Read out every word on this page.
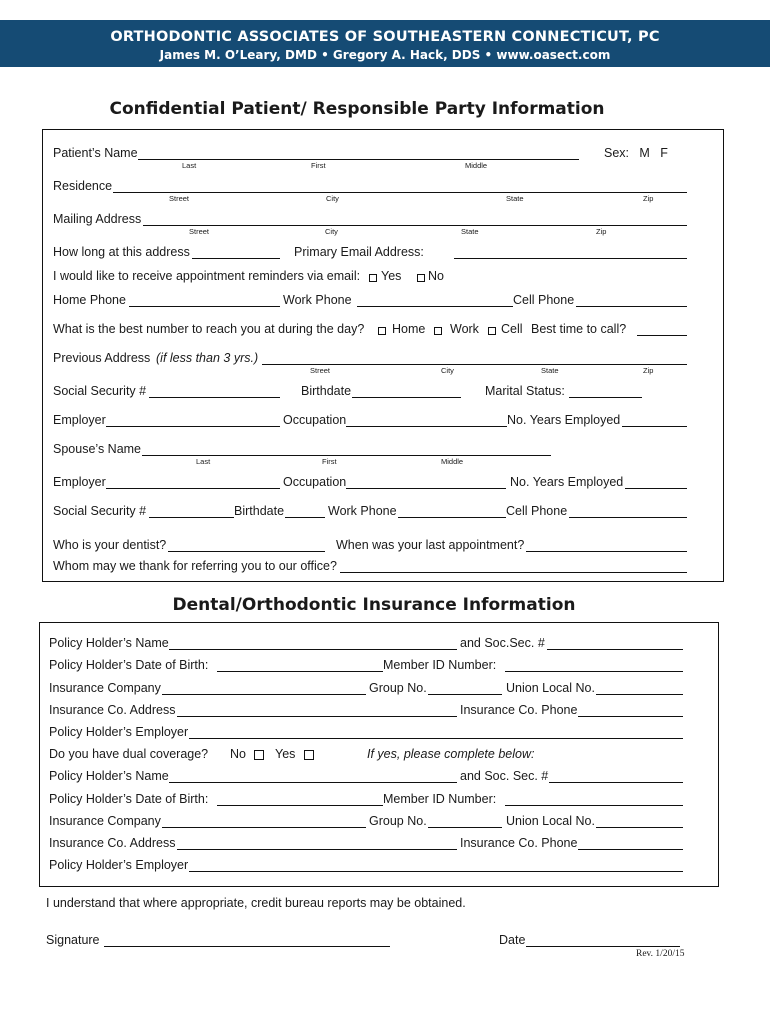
ORTHODONTIC ASSOCIATES OF SOUTHEASTERN CONNECTICUT, PC
James M. O’Leary, DMD • Gregory A. Hack, DDS • www.oasect.com
Confidential Patient/ Responsible Party Information
Patient’s Name
Last	First	Middle
Sex:   M   F
Residence
Street	City	State	Zip
Mailing Address
Street	City	State	Zip
How long at this address	Primary Email Address:
I would like to receive appointment reminders via email: Yes No
Home Phone	Work Phone	Cell Phone
What is the best number to reach you at during the day? Home Work Cell Best time to call?
Previous Address (if less than 3 yrs.)
Street	City	State	Zip
Social Security #	Birthdate	Marital Status:
Employer	Occupation	No. Years Employed
Spouse’s Name
Last	First	Middle
Employer	Occupation	No. Years Employed
Social Security #	Birthdate	Work Phone	Cell Phone
Who is your dentist?	When was your last appointment?
Whom may we thank for referring you to our office?
Dental/Orthodontic Insurance Information
Policy Holder’s Name	and Soc.Sec. #
Policy Holder’s Date of Birth:	Member ID Number:
Insurance Company	Group No.	Union Local No.
Insurance Co. Address	Insurance Co. Phone
Policy Holder’s Employer
Do you have dual coverage? No Yes	If yes, please complete below:
Policy Holder’s Name	and Soc. Sec. #
Policy Holder’s Date of Birth:	Member ID Number:
Insurance Company	Group No.	Union Local No.
Insurance Co. Address	Insurance Co. Phone
Policy Holder’s Employer
I understand that where appropriate, credit bureau reports may be obtained.
Signature	Date
Rev. 1/20/15
